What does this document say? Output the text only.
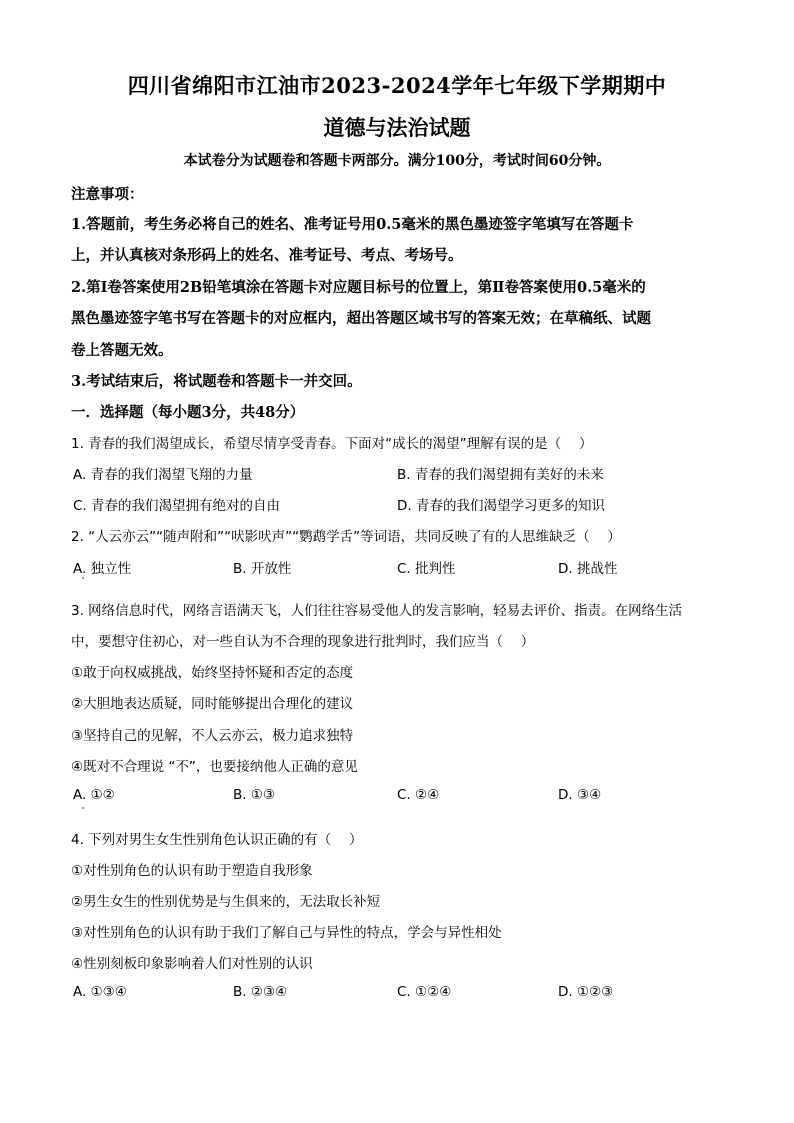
四川省绵阳市江油市2023-2024学年七年级下学期期中
道德与法治试题
本试卷分为试题卷和答题卡两部分。满分100分，考试时间60分钟。
注意事项：
1.答题前，考生务必将自己的姓名、准考证号用0.5毫米的黑色墨迹签字笔填写在答题卡
上，并认真核对条形码上的姓名、准考证号、考点、考场号。
2.第Ⅰ卷答案使用2B铅笔填涂在答题卡对应题目标号的位置上，第Ⅱ卷答案使用0.5毫米的
黑色墨迹签字笔书写在答题卡的对应框内，超出答题区域书写的答案无效；在草稿纸、试题
卷上答题无效。
3.考试结束后，将试题卷和答题卡一并交回。
一．选择题（每小题3分，共48分）
1. 青春的我们渴望成长，希望尽情享受青春。下面对“成长的渴望”理解有误的是（　 ）
A. 青春的我们渴望飞翔的力量	B. 青春的我们渴望拥有美好的未来
C. 青春的我们渴望拥有绝对的自由	D. 青春的我们渴望学习更多的知识
2. “人云亦云”“随声附和”“吠影吠声”“鹦鹉学舌”等词语，共同反映了有的人思维缺乏（　 ）
A. 独立性	B. 开放性	C. 批判性	D. 挑战性
3. 网络信息时代，网络言语满天飞，人们往往容易受他人的发言影响，轻易去评价、指责。在网络生活
中，要想守住初心，对一些自认为不合理的现象进行批判时，我们应当（　 ）
①敢于向权威挑战，始终坚持怀疑和否定的态度
②大胆地表达质疑，同时能够提出合理化的建议
③坚持自己的见解，不人云亦云，极力追求独特
④既对不合理说 “不”，也要接纳他人正确的意见
A. ①②	B. ①③	C. ②④	D. ③④
4. 下列对男生女生性别角色认识正确的有（　 ）
①对性别角色的认识有助于塑造自我形象
②男生女生的性别优势是与生俱来的，无法取长补短
③对性别角色的认识有助于我们了解自己与异性的特点，学会与异性相处
④性别刻板印象影响着人们对性别的认识
A. ①③④	B. ②③④	C. ①②④	D. ①②③
